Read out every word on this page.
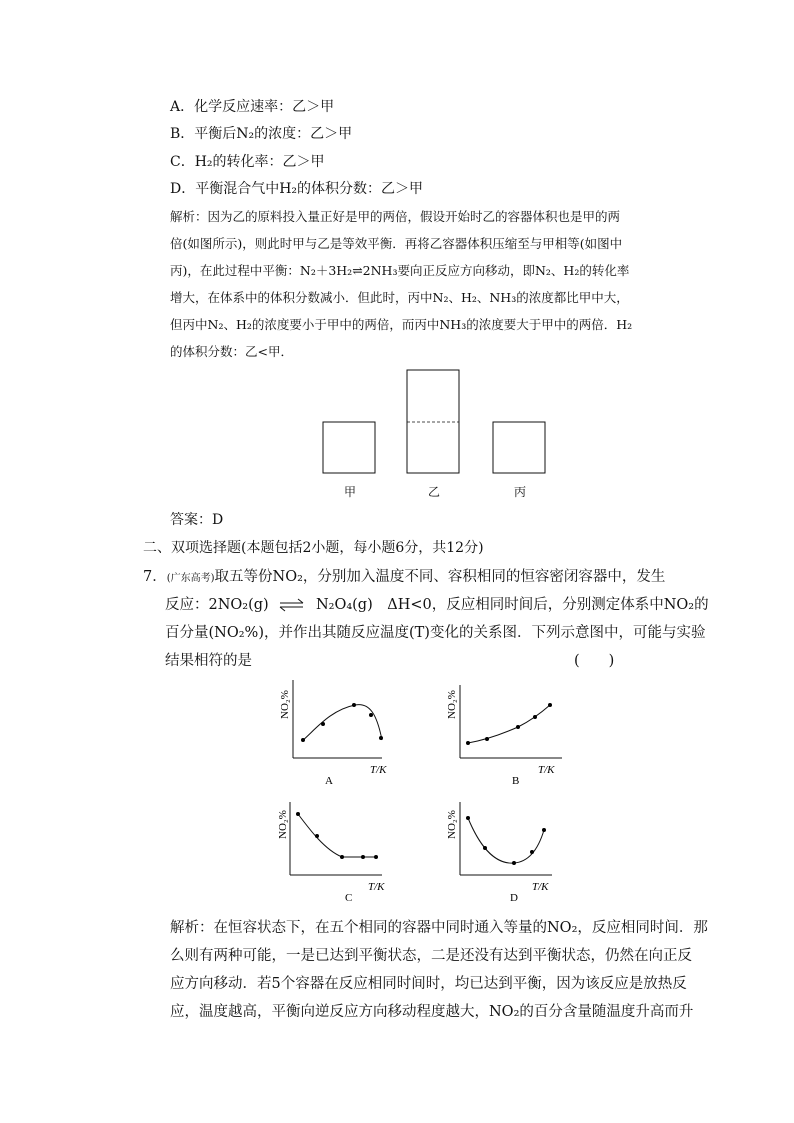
A．化学反应速率：乙＞甲
B．平衡后N₂的浓度：乙＞甲
C．H₂的转化率：乙＞甲
D．平衡混合气中H₂的体积分数：乙＞甲
解析：因为乙的原料投入量正好是甲的两倍，假设开始时乙的容器体积也是甲的两
倍(如图所示)，则此时甲与乙是等效平衡．再将乙容器体积压缩至与甲相等(如图中
丙)，在此过程中平衡：N₂＋3H₂⇌2NH₃要向正反应方向移动，即N₂、H₂的转化率
增大，在体系中的体积分数减小．但此时，丙中N₂、H₂、NH₃的浓度都比甲中大，
但丙中N₂、H₂的浓度要小于甲中的两倍，而丙中NH₃的浓度要大于甲中的两倍．H₂
的体积分数：乙<甲．
甲	乙	丙
答案：D
二、双项选择题(本题包括2小题，每小题6分，共12分)
7．(广东高考)取五等份NO₂，分别加入温度不同、容积相同的恒容密闭容器中，发生
反应：2NO₂(g) ⇌ N₂O₄(g)　ΔH<0，反应相同时间后，分别测定体系中NO₂的
百分量(NO₂%)，并作出其随反应温度(T)变化的关系图．下列示意图中，可能与实验
结果相符的是	(　　)
NO₂%
T/K
A
NO₂%
T/K
B
NO₂%
T/K
C
NO₂%
T/K
D
解析：在恒容状态下，在五个相同的容器中同时通入等量的NO₂，反应相同时间．那
么则有两种可能，一是已达到平衡状态，二是还没有达到平衡状态，仍然在向正反
应方向移动．若5个容器在反应相同时间时，均已达到平衡，因为该反应是放热反
应，温度越高，平衡向逆反应方向移动程度越大，NO₂的百分含量随温度升高而升
